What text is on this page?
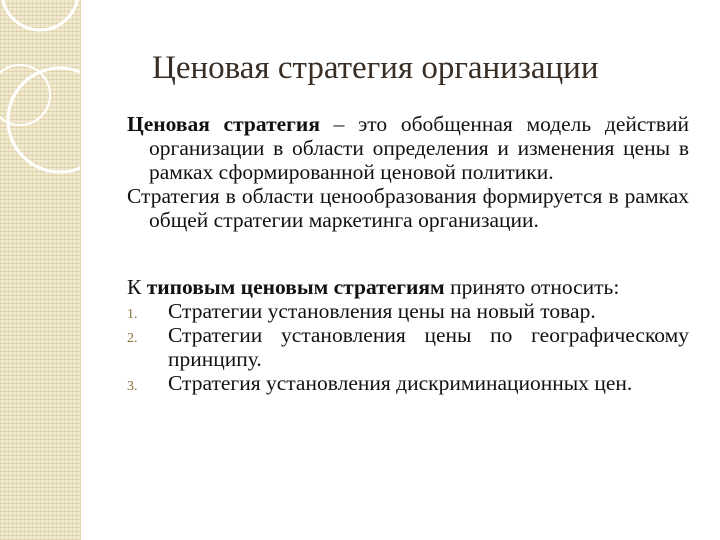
Ценовая стратегия организации

Ценовая стратегия – это обобщенная модель действий организации в области определения и изменения цены в рамках сформированной ценовой политики.

Стратегия в области ценообразования формируется в рамках общей стратегии маркетинга организации.

К типовым ценовым стратегиям принято относить:

1. Стратегии установления цены на новый товар.
2. Стратегии установления цены по географическому принципу.
3. Стратегия установления дискриминационных цен.
